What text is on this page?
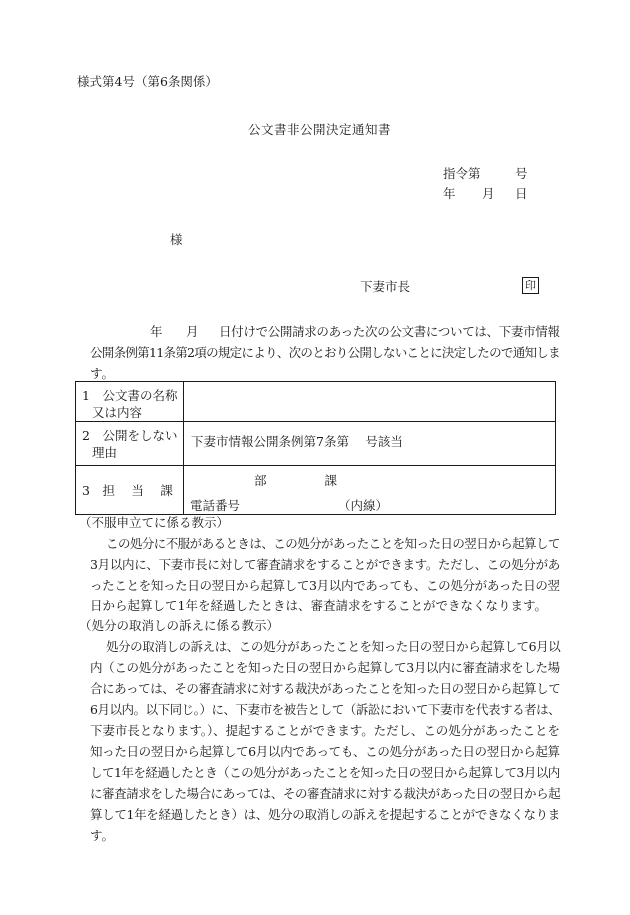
様式第4号（第6条関係）
公文書非公開決定通知書
指令第	号
年 月 日
様
下妻市長	印
年 月 日付けで公開請求のあった次の公文書については、下妻市情報
公開条例第11条第2項の規定により、次のとおり公開しないことに決定したので通知しま
す。
1　公文書の名称
又は内容	

2　公開をしない
理由	下妻市情報公開条例第7条第　 号該当

3　担　 当　 課	部 課
電話番号 （内線）
（不服申立てに係る教示）
この処分に不服があるときは、この処分があったことを知った日の翌日から起算して
3月以内に、下妻市長に対して審査請求をすることができます。ただし、この処分があ
ったことを知った日の翌日から起算して3月以内であっても、この処分があった日の翌
日から起算して1年を経過したときは、審査請求をすることができなくなります。
（処分の取消しの訴えに係る教示）
処分の取消しの訴えは、この処分があったことを知った日の翌日から起算して6月以
内（この処分があったことを知った日の翌日から起算して3月以内に審査請求をした場
合にあっては、その審査請求に対する裁決があったことを知った日の翌日から起算して
6月以内。以下同じ。）に、下妻市を被告として（訴訟において下妻市を代表する者は、
下妻市長となります。）、提起することができます。ただし、この処分があったことを
知った日の翌日から起算して6月以内であっても、この処分があった日の翌日から起算
して1年を経過したとき（この処分があったことを知った日の翌日から起算して3月以内
に審査請求をした場合にあっては、その審査請求に対する裁決があった日の翌日から起
算して1年を経過したとき）は、処分の取消しの訴えを提起することができなくなりま
す。
